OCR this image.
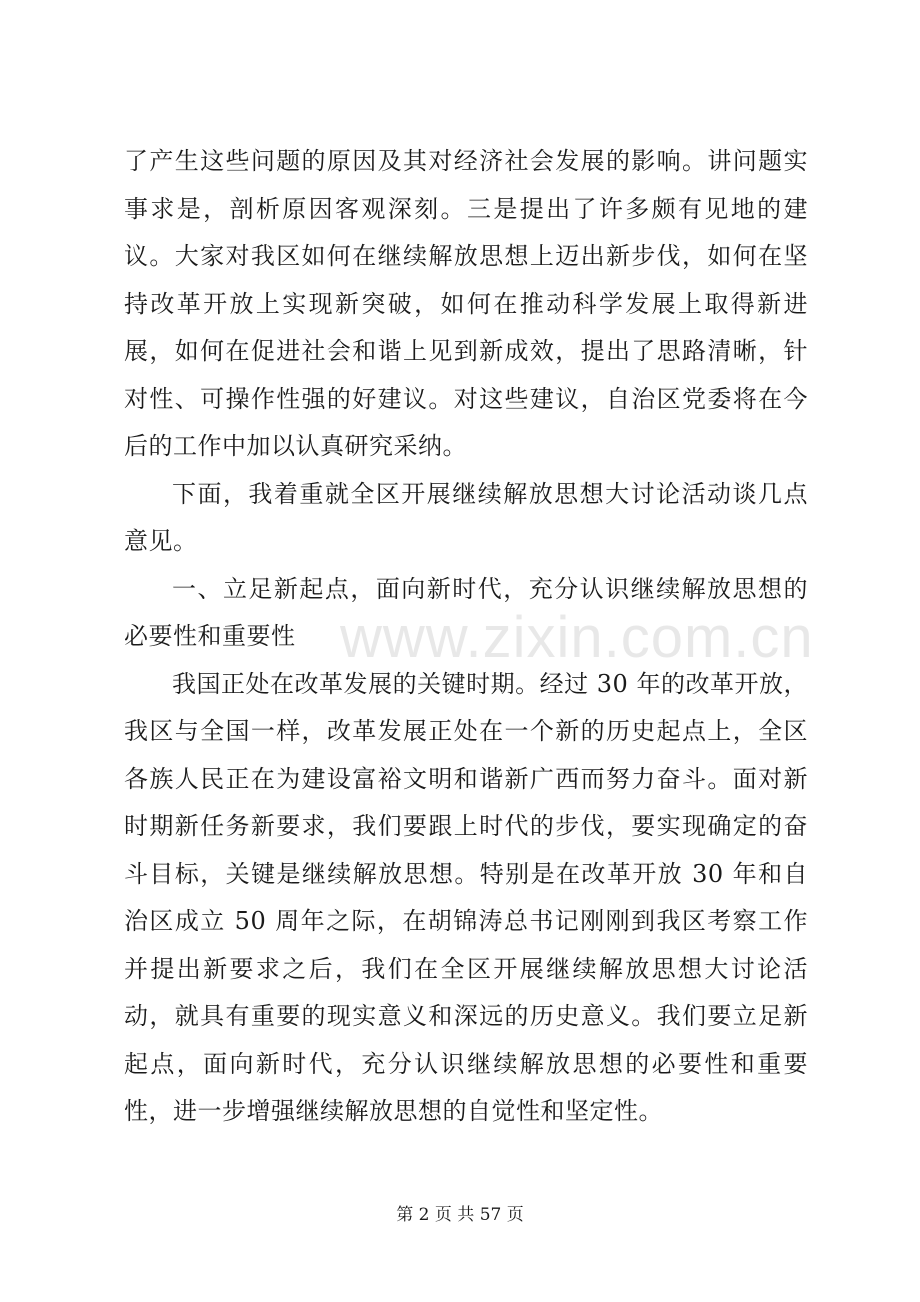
了产生这些问题的原因及其对经济社会发展的影响。讲问题实事求是，剖析原因客观深刻。三是提出了许多颇有见地的建议。大家对我区如何在继续解放思想上迈出新步伐，如何在坚持改革开放上实现新突破，如何在推动科学发展上取得新进展，如何在促进社会和谐上见到新成效，提出了思路清晰，针对性、可操作性强的好建议。对这些建议，自治区党委将在今后的工作中加以认真研究采纳。

下面，我着重就全区开展继续解放思想大讨论活动谈几点意见。

一、立足新起点，面向新时代，充分认识继续解放思想的必要性和重要性

我国正处在改革发展的关键时期。经过 30 年的改革开放，我区与全国一样，改革发展正处在一个新的历史起点上，全区各族人民正在为建设富裕文明和谐新广西而努力奋斗。面对新时期新任务新要求，我们要跟上时代的步伐，要实现确定的奋斗目标，关键是继续解放思想。特别是在改革开放 30 年和自治区成立 50 周年之际，在胡锦涛总书记刚刚到我区考察工作并提出新要求之后，我们在全区开展继续解放思想大讨论活动，就具有重要的现实意义和深远的历史意义。我们要立足新起点，面向新时代，充分认识继续解放思想的必要性和重要性，进一步增强继续解放思想的自觉性和坚定性。

www.zixin.com.cn
第 2 页 共 57 页
